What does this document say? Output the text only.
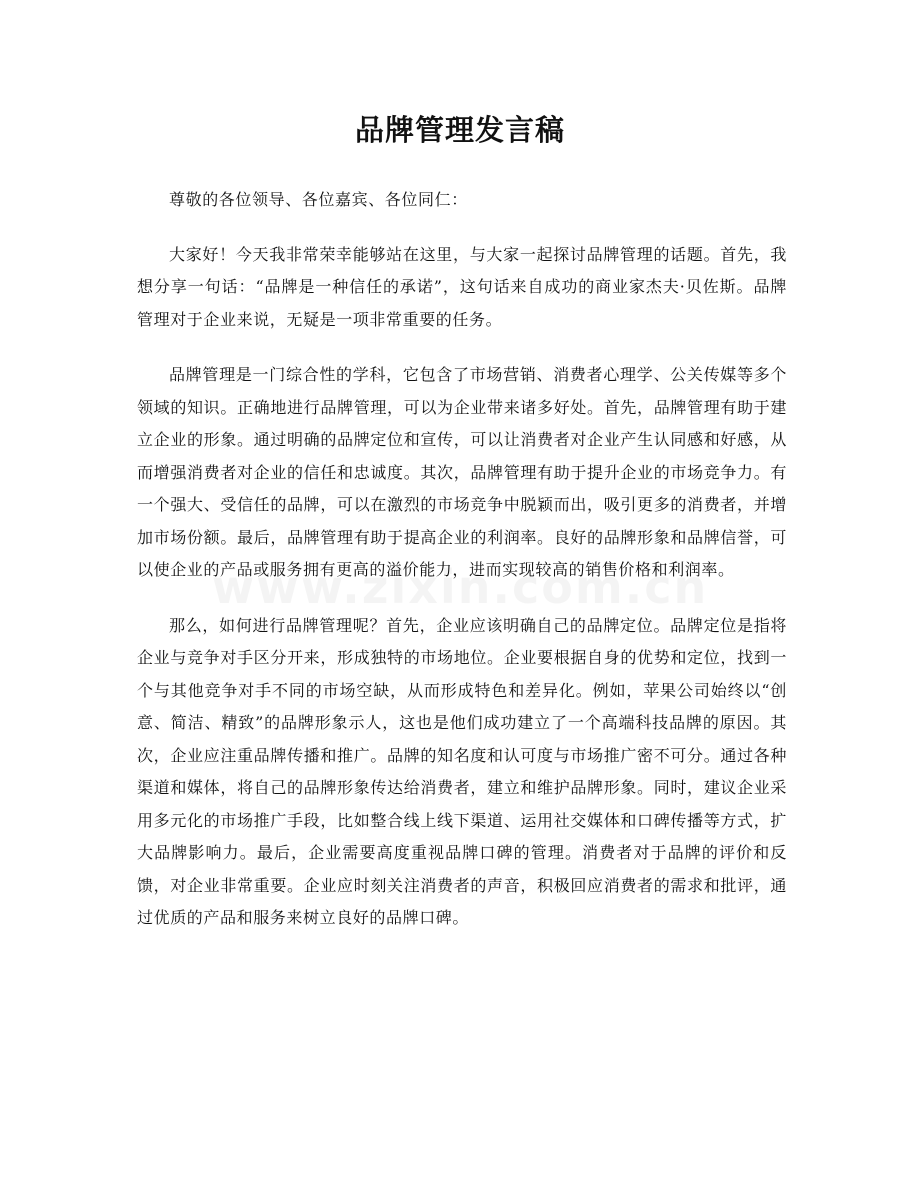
品牌管理发言稿

尊敬的各位领导、各位嘉宾、各位同仁：

大家好！今天我非常荣幸能够站在这里，与大家一起探讨品牌管理的话题。首先，我想分享一句话：“品牌是一种信任的承诺”，这句话来自成功的商业家杰夫·贝佐斯。品牌管理对于企业来说，无疑是一项非常重要的任务。

品牌管理是一门综合性的学科，它包含了市场营销、消费者心理学、公关传媒等多个领域的知识。正确地进行品牌管理，可以为企业带来诸多好处。首先，品牌管理有助于建立企业的形象。通过明确的品牌定位和宣传，可以让消费者对企业产生认同感和好感，从而增强消费者对企业的信任和忠诚度。其次，品牌管理有助于提升企业的市场竞争力。有一个强大、受信任的品牌，可以在激烈的市场竞争中脱颖而出，吸引更多的消费者，并增加市场份额。最后，品牌管理有助于提高企业的利润率。良好的品牌形象和品牌信誉，可以使企业的产品或服务拥有更高的溢价能力，进而实现较高的销售价格和利润率。

那么，如何进行品牌管理呢？首先，企业应该明确自己的品牌定位。品牌定位是指将企业与竞争对手区分开来，形成独特的市场地位。企业要根据自身的优势和定位，找到一个与其他竞争对手不同的市场空缺，从而形成特色和差异化。例如，苹果公司始终以“创意、简洁、精致”的品牌形象示人，这也是他们成功建立了一个高端科技品牌的原因。其次，企业应注重品牌传播和推广。品牌的知名度和认可度与市场推广密不可分。通过各种渠道和媒体，将自己的品牌形象传达给消费者，建立和维护品牌形象。同时，建议企业采用多元化的市场推广手段，比如整合线上线下渠道、运用社交媒体和口碑传播等方式，扩大品牌影响力。最后，企业需要高度重视品牌口碑的管理。消费者对于品牌的评价和反馈，对企业非常重要。企业应时刻关注消费者的声音，积极回应消费者的需求和批评，通过优质的产品和服务来树立良好的品牌口碑。
